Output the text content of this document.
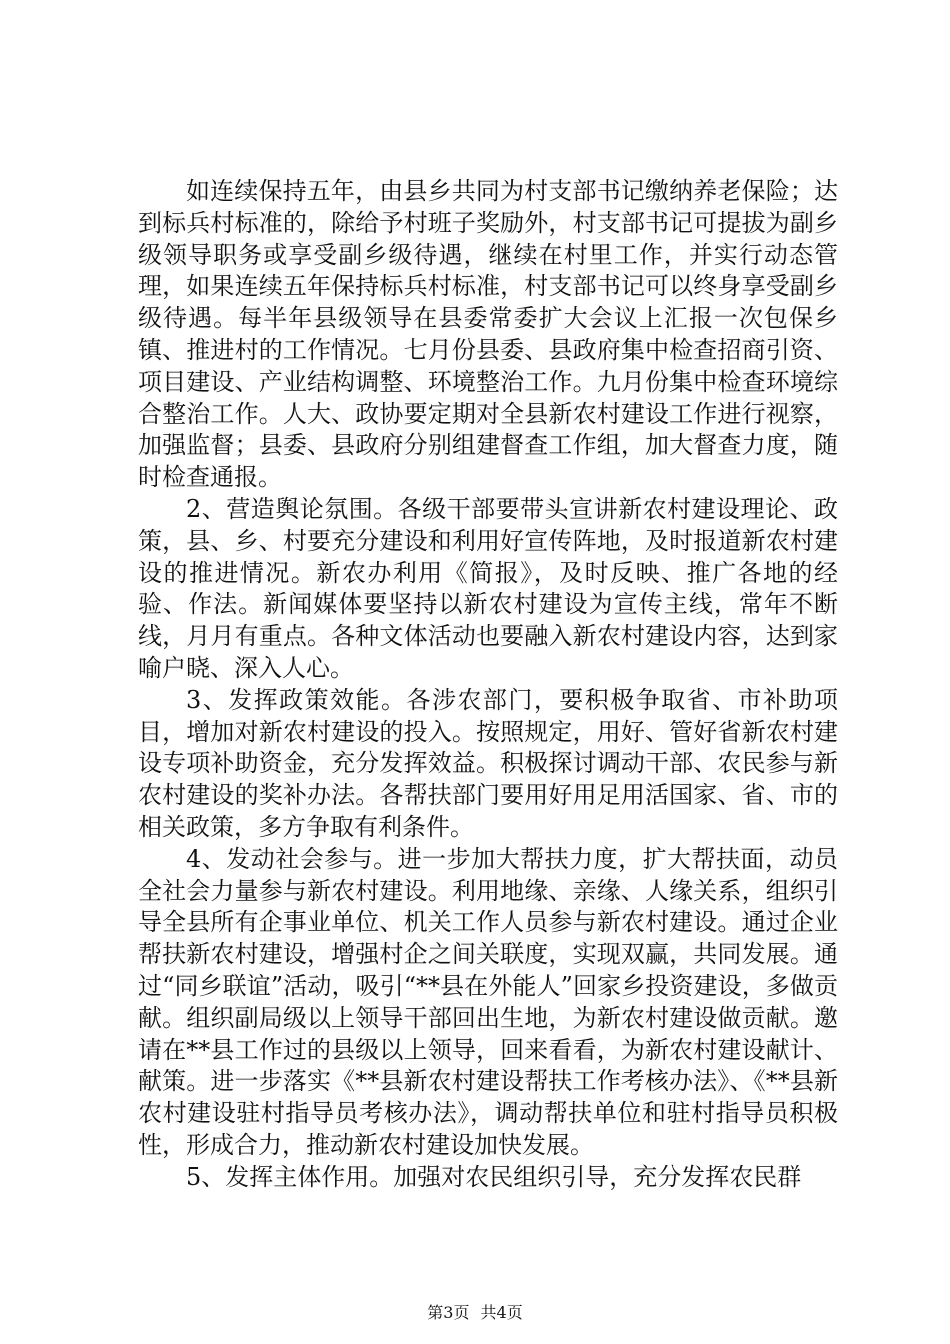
如连续保持五年，由县乡共同为村支部书记缴纳养老保险；达到标兵村标准的，除给予村班子奖励外，村支部书记可提拔为副乡级领导职务或享受副乡级待遇，继续在村里工作，并实行动态管理，如果连续五年保持标兵村标准，村支部书记可以终身享受副乡级待遇。每半年县级领导在县委常委扩大会议上汇报一次包保乡镇、推进村的工作情况。七月份县委、县政府集中检查招商引资、项目建设、产业结构调整、环境整治工作。九月份集中检查环境综合整治工作。人大、政协要定期对全县新农村建设工作进行视察，加强监督；县委、县政府分别组建督查工作组，加大督查力度，随时检查通报。

2、营造舆论氛围。各级干部要带头宣讲新农村建设理论、政策，县、乡、村要充分建设和利用好宣传阵地，及时报道新农村建设的推进情况。新农办利用《简报》，及时反映、推广各地的经验、作法。新闻媒体要坚持以新农村建设为宣传主线，常年不断线，月月有重点。各种文体活动也要融入新农村建设内容，达到家喻户晓、深入人心。

3、发挥政策效能。各涉农部门，要积极争取省、市补助项目，增加对新农村建设的投入。按照规定，用好、管好省新农村建设专项补助资金，充分发挥效益。积极探讨调动干部、农民参与新农村建设的奖补办法。各帮扶部门要用好用足用活国家、省、市的相关政策，多方争取有利条件。

4、发动社会参与。进一步加大帮扶力度，扩大帮扶面，动员全社会力量参与新农村建设。利用地缘、亲缘、人缘关系，组织引导全县所有企事业单位、机关工作人员参与新农村建设。通过企业帮扶新农村建设，增强村企之间关联度，实现双赢，共同发展。通过“同乡联谊”活动，吸引“**县在外能人”回家乡投资建设，多做贡献。组织副局级以上领导干部回出生地，为新农村建设做贡献。邀请在**县工作过的县级以上领导，回来看看，为新农村建设献计、献策。进一步落实《**县新农村建设帮扶工作考核办法》、《**县新农村建设驻村指导员考核办法》，调动帮扶单位和驻村指导员积极性，形成合力，推动新农村建设加快发展。

5、发挥主体作用。加强对农民组织引导，充分发挥农民群

第3页 共4页
